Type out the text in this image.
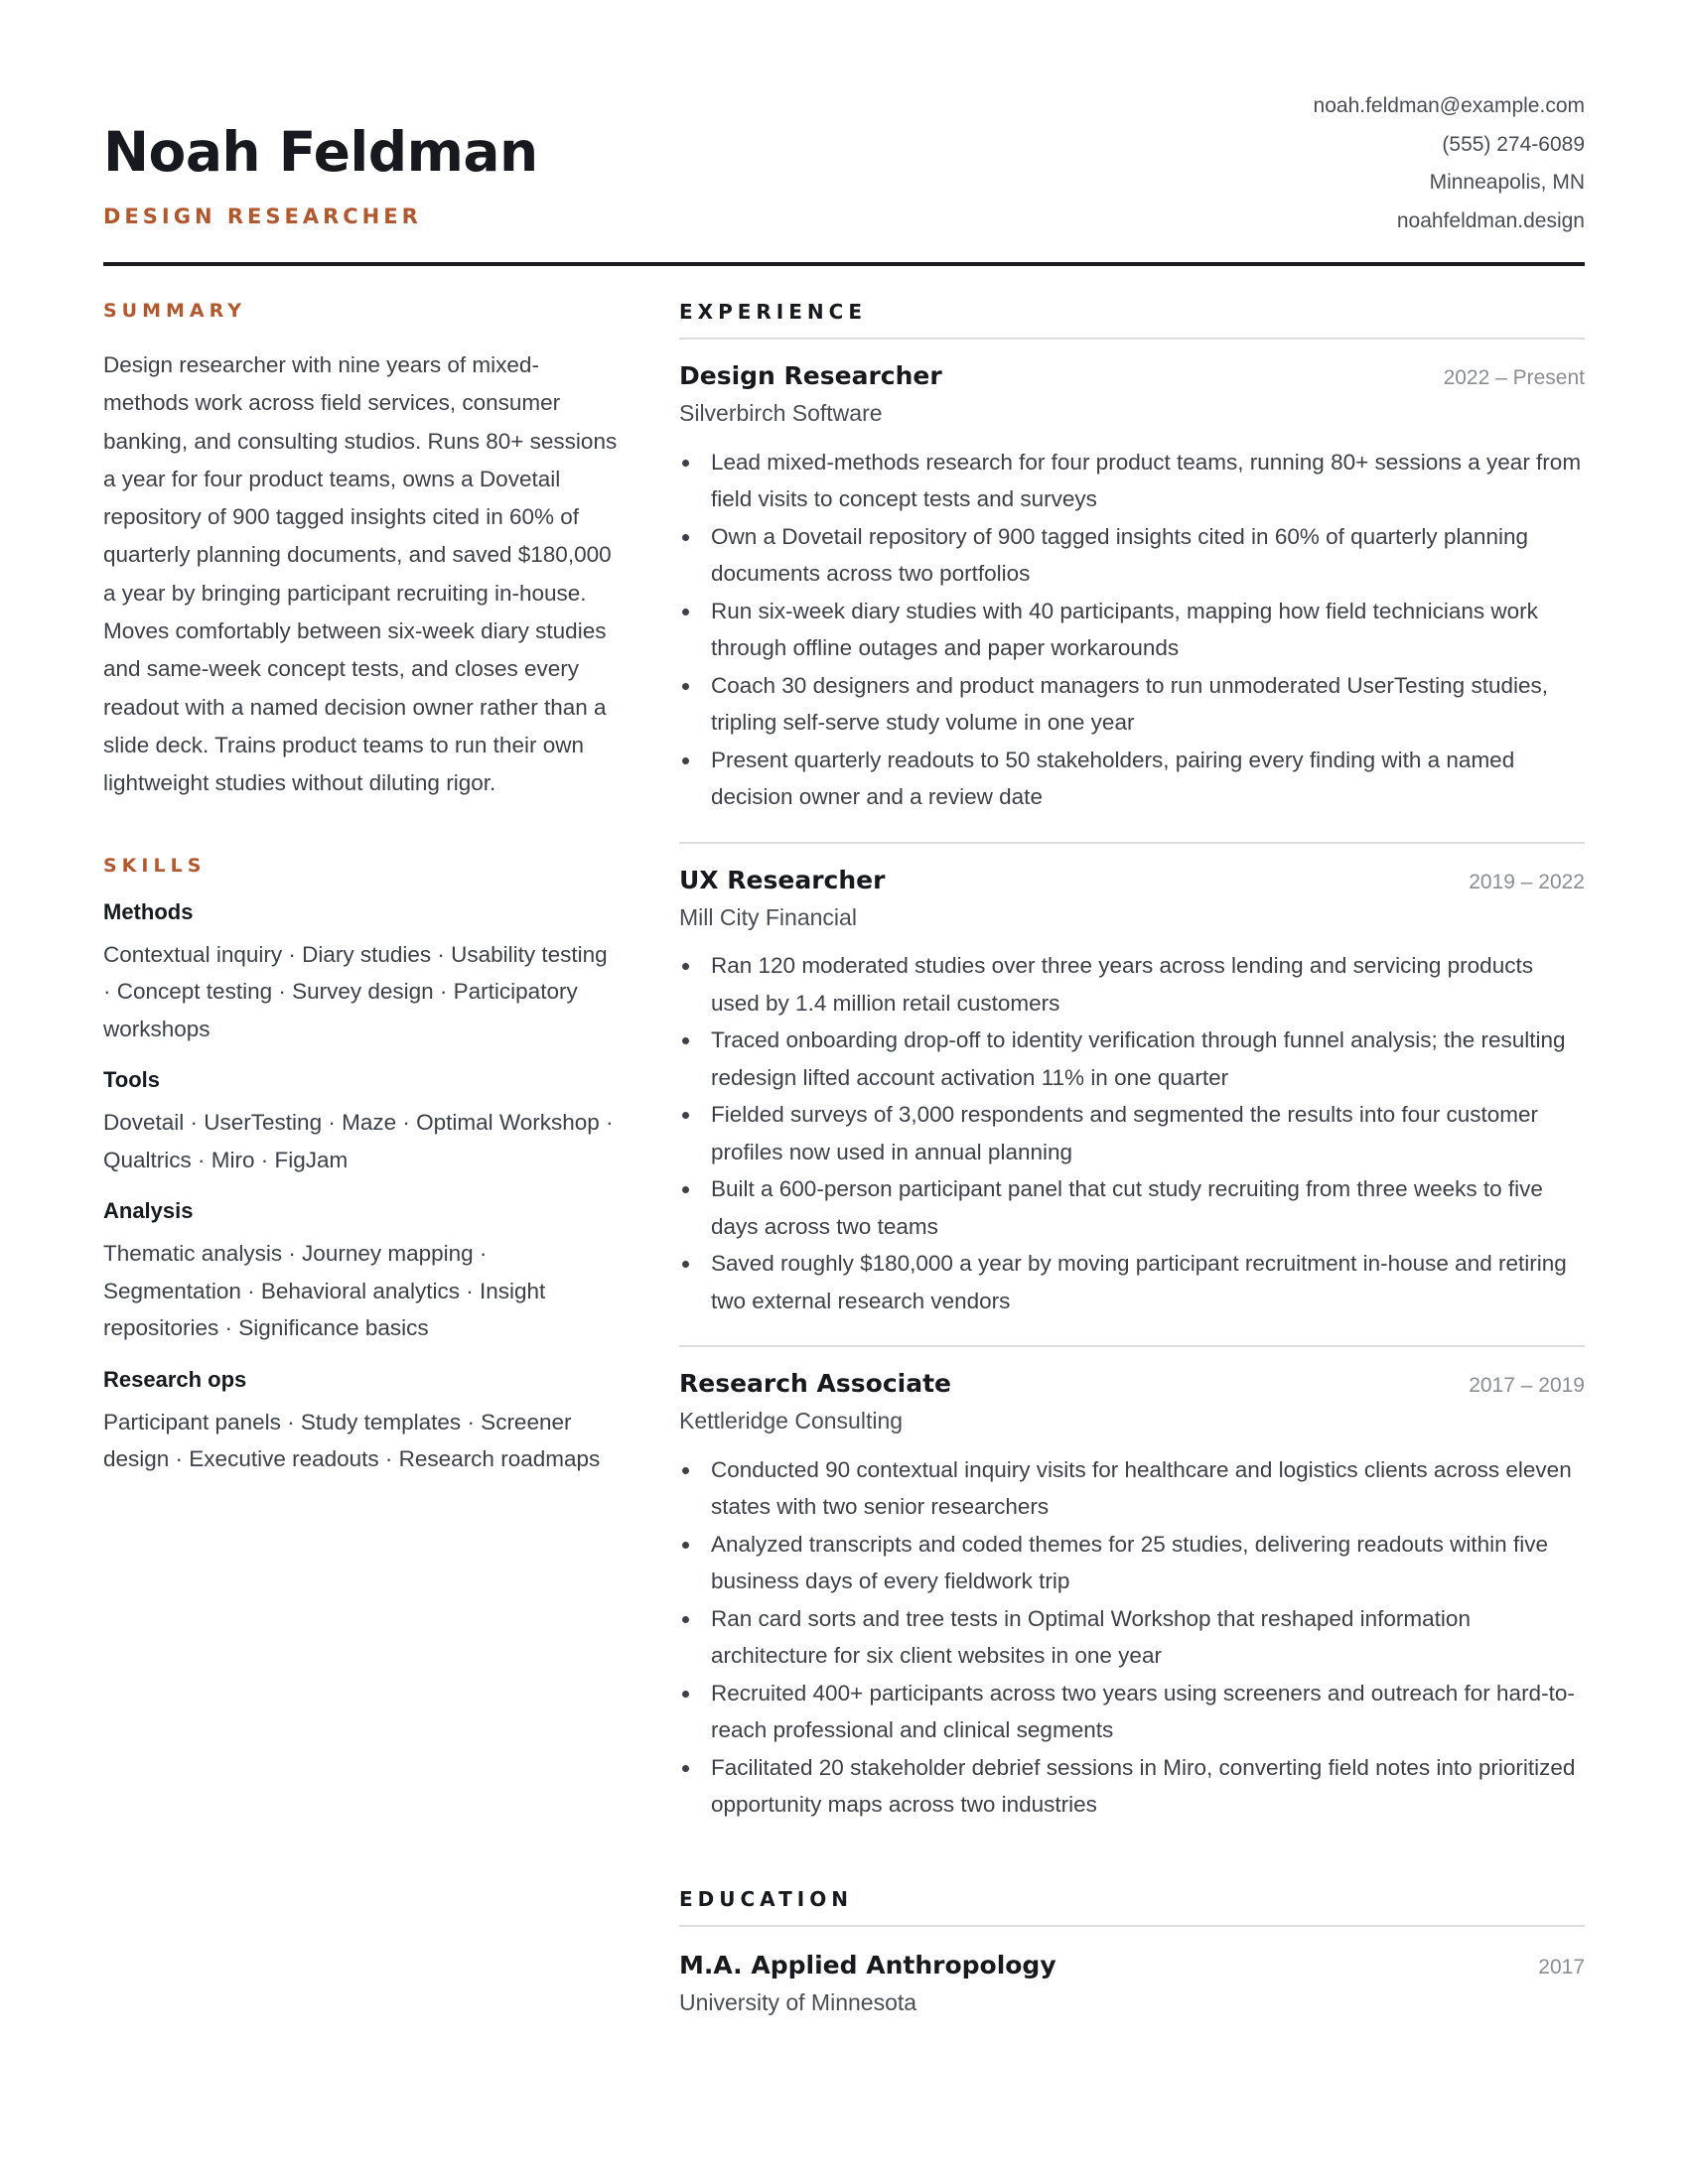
Noah Feldman
DESIGN RESEARCHER
noah.feldman@example.com
(555) 274-6089
Minneapolis, MN
noahfeldman.design
SUMMARY

Design researcher with nine years of mixed-methods work across field services, consumer banking, and consulting studios. Runs 80+ sessions a year for four product teams, owns a Dovetail repository of 900 tagged insights cited in 60% of quarterly planning documents, and saved $180,000 a year by bringing participant recruiting in-house. Moves comfortably between six-week diary studies and same-week concept tests, and closes every readout with a named decision owner rather than a slide deck. Trains product teams to run their own lightweight studies without diluting rigor.

SKILLS
Methods

Contextual inquiry · Diary studies · Usability testing · Concept testing · Survey design · Participatory workshops

Tools

Dovetail · UserTesting · Maze · Optimal Workshop · Qualtrics · Miro · FigJam

Analysis

Thematic analysis · Journey mapping · Segmentation · Behavioral analytics · Insight repositories · Significance basics

Research ops

Participant panels · Study templates · Screener design · Executive readouts · Research roadmaps

EXPERIENCE
Design Researcher	2022 – Present
Silverbirch Software
Lead mixed-methods research for four product teams, running 80+ sessions a year from field visits to concept tests and surveys
Own a Dovetail repository of 900 tagged insights cited in 60% of quarterly planning documents across two portfolios
Run six-week diary studies with 40 participants, mapping how field technicians work through offline outages and paper workarounds
Coach 30 designers and product managers to run unmoderated UserTesting studies, tripling self-serve study volume in one year
Present quarterly readouts to 50 stakeholders, pairing every finding with a named decision owner and a review date
UX Researcher	2019 – 2022
Mill City Financial
Ran 120 moderated studies over three years across lending and servicing products used by 1.4 million retail customers
Traced onboarding drop-off to identity verification through funnel analysis; the resulting redesign lifted account activation 11% in one quarter
Fielded surveys of 3,000 respondents and segmented the results into four customer profiles now used in annual planning
Built a 600-person participant panel that cut study recruiting from three weeks to five days across two teams
Saved roughly $180,000 a year by moving participant recruitment in-house and retiring two external research vendors
Research Associate	2017 – 2019
Kettleridge Consulting
Conducted 90 contextual inquiry visits for healthcare and logistics clients across eleven states with two senior researchers
Analyzed transcripts and coded themes for 25 studies, delivering readouts within five business days of every fieldwork trip
Ran card sorts and tree tests in Optimal Workshop that reshaped information architecture for six client websites in one year
Recruited 400+ participants across two years using screeners and outreach for hard-to-reach professional and clinical segments
Facilitated 20 stakeholder debrief sessions in Miro, converting field notes into prioritized opportunity maps across two industries
EDUCATION
M.A. Applied Anthropology	2017
University of Minnesota
